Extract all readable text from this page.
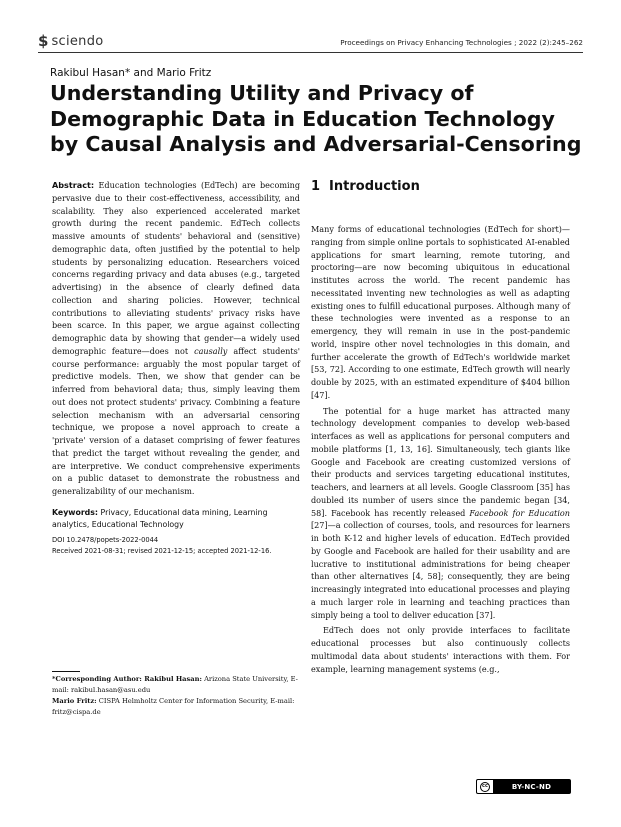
$ sciendo	Proceedings on Privacy Enhancing Technologies ; 2022 (2):245–262
Rakibul Hasan* and Mario Fritz
Understanding Utility and Privacy of Demographic Data in Education Technology by Causal Analysis and Adversarial-Censoring

Abstract: Education technologies (EdTech) are becoming pervasive due to their cost-effectiveness, accessibility, and scalability. They also experienced accelerated market growth during the recent pandemic. EdTech collects massive amounts of students' behavioral and (sensitive) demographic data, often justified by the potential to help students by personalizing education. Researchers voiced concerns regarding privacy and data abuses (e.g., targeted advertising) in the absence of clearly defined data collection and sharing policies. However, technical contributions to alleviating students' privacy risks have been scarce. In this paper, we argue against collecting demographic data by showing that gender—a widely used demographic feature—does not causally affect students' course performance: arguably the most popular target of predictive models. Then, we show that gender can be inferred from behavioral data; thus, simply leaving them out does not protect students' privacy. Combining a feature selection mechanism with an adversarial censoring technique, we propose a novel approach to create a 'private' version of a dataset comprising of fewer features that predict the target without revealing the gender, and are interpretive. We conduct comprehensive experiments on a public dataset to demonstrate the robustness and generalizability of our mechanism.

Keywords: Privacy, Educational data mining, Learning analytics, Educational Technology
DOI 10.2478/popets-2022-0044
Received 2021-08-31; revised 2021-12-15; accepted 2021-12-16.

*Corresponding Author: Rakibul Hasan: Arizona State University, E-mail: rakibul.hasan@asu.edu

Mario Fritz: CISPA Helmholtz Center for Information Security, E-mail: fritz@cispa.de

1 Introduction

Many forms of educational technologies (EdTech for short)—ranging from simple online portals to sophisticated AI-enabled applications for smart learning, remote tutoring, and proctoring—are now becoming ubiquitous in educational institutes across the world. The recent pandemic has necessitated inventing new technologies as well as adapting existing ones to fulfill educational purposes. Although many of these technologies were invented as a response to an emergency, they will remain in use in the post-pandemic world, inspire other novel technologies in this domain, and further accelerate the growth of EdTech's worldwide market [53, 72]. According to one estimate, EdTech growth will nearly double by 2025, with an estimated expenditure of $404 billion [47].

The potential for a huge market has attracted many technology development companies to develop web-based interfaces as well as applications for personal computers and mobile platforms [1, 13, 16]. Simultaneously, tech giants like Google and Facebook are creating customized versions of their products and services targeting educational institutes, teachers, and learners at all levels. Google Classroom [35] has doubled its number of users since the pandemic began [34, 58]. Facebook has recently released Facebook for Education [27]—a collection of courses, tools, and resources for learners in both K-12 and higher levels of education. EdTech provided by Google and Facebook are hailed for their usability and are lucrative to institutional administrations for being cheaper than other alternatives [4, 58]; consequently, they are being increasingly integrated into educational processes and playing a much larger role in learning and teaching practices than simply being a tool to deliver education [37].

EdTech does not only provide interfaces to facilitate educational processes but also continuously collects multimodal data about students' interactions with them. For example, learning management systems (e.g.,

cc	BY-NC-ND
